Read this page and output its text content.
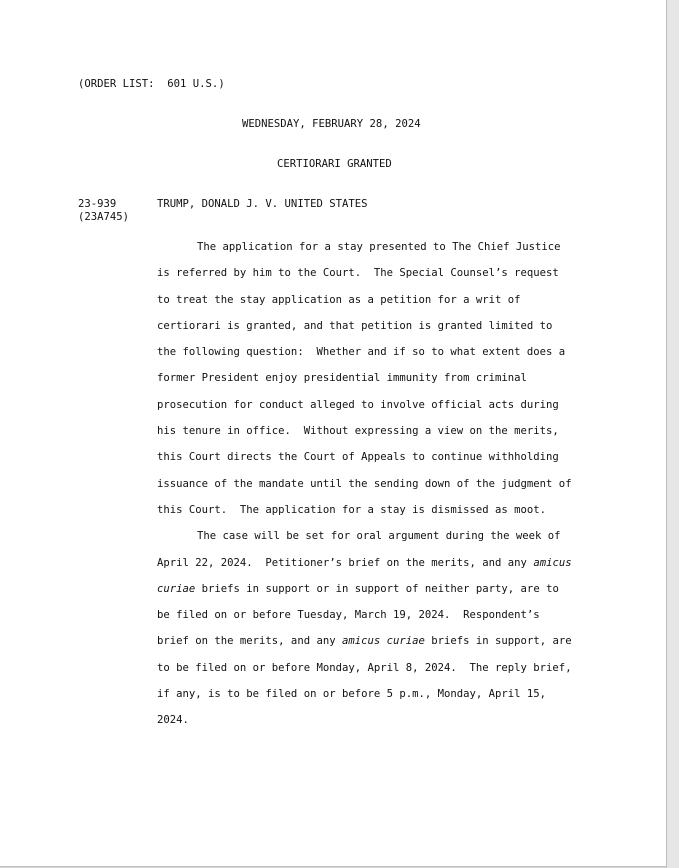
(ORDER LIST:  601 U.S.)
WEDNESDAY, FEBRUARY 28, 2024
CERTIORARI GRANTED
23-939
(23A745)
TRUMP, DONALD J. V. UNITED STATES
The application for a stay presented to The Chief Justice
is referred by him to the Court.  The Special Counsel’s request
to treat the stay application as a petition for a writ of
certiorari is granted, and that petition is granted limited to
the following question:  Whether and if so to what extent does a
former President enjoy presidential immunity from criminal
prosecution for conduct alleged to involve official acts during
his tenure in office.  Without expressing a view on the merits,
this Court directs the Court of Appeals to continue withholding
issuance of the mandate until the sending down of the judgment of
this Court.  The application for a stay is dismissed as moot.
The case will be set for oral argument during the week of
April 22, 2024.  Petitioner’s brief on the merits, and any amicus
curiae briefs in support or in support of neither party, are to
be filed on or before Tuesday, March 19, 2024.  Respondent’s
brief on the merits, and any amicus curiae briefs in support, are
to be filed on or before Monday, April 8, 2024.  The reply brief,
if any, is to be filed on or before 5 p.m., Monday, April 15,
2024.
